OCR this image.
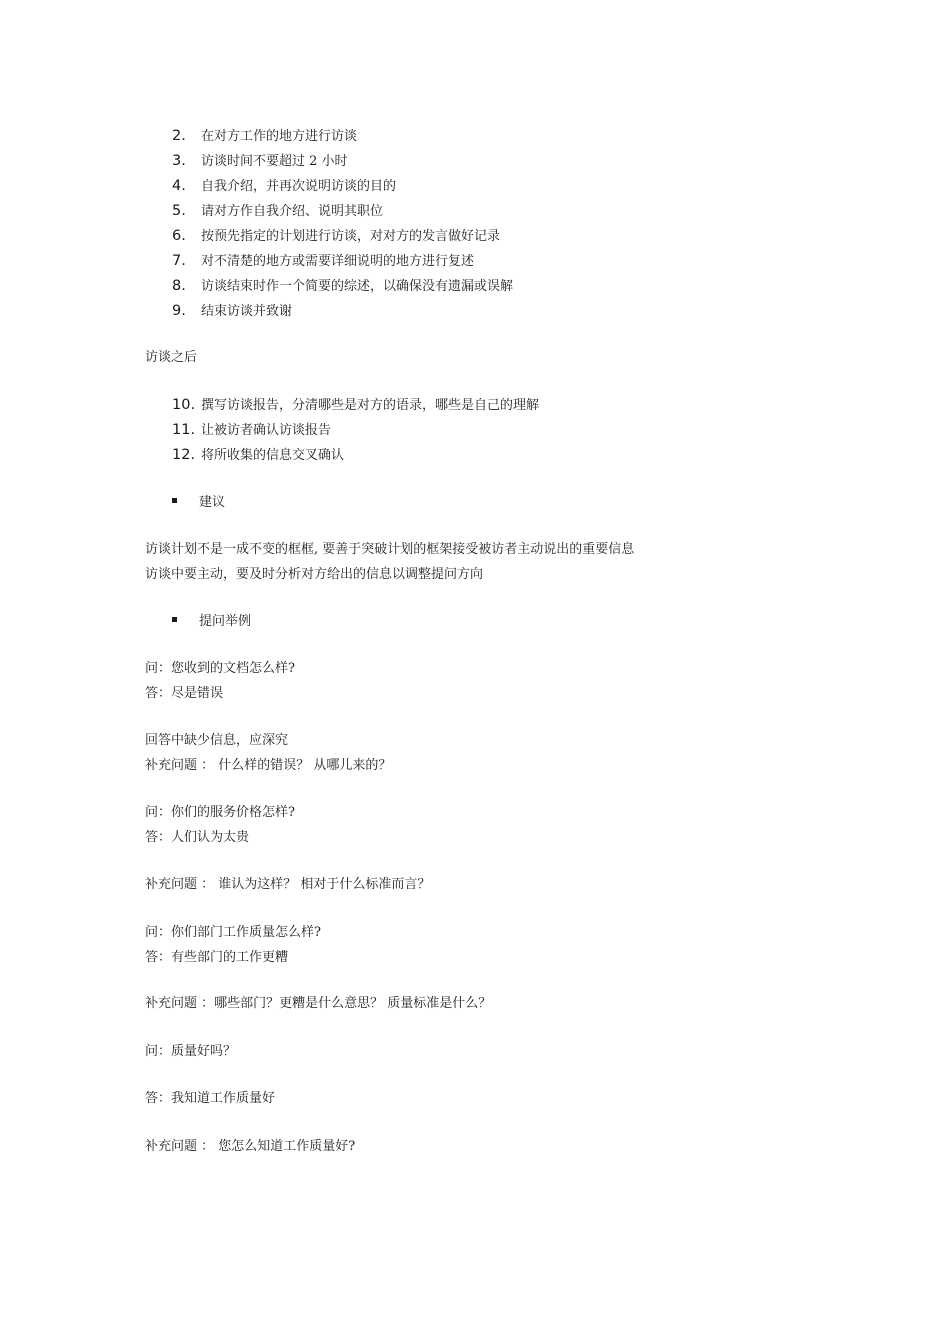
2. 在对方工作的地方进行访谈
3. 访谈时间不要超过 2 小时
4. 自我介绍，并再次说明访谈的目的
5. 请对方作自我介绍、说明其职位
6. 按预先指定的计划进行访谈，对对方的发言做好记录
7. 对不清楚的地方或需要详细说明的地方进行复述
8. 访谈结束时作一个简要的综述，以确保没有遗漏或误解
9. 结束访谈并致谢
访谈之后
10. 撰写访谈报告，分清哪些是对方的语录，哪些是自己的理解
11. 让被访者确认访谈报告
12. 将所收集的信息交叉确认
建议
访谈计划不是一成不变的框框, 要善于突破计划的框架接受被访者主动说出的重要信息
访谈中要主动，要及时分析对方给出的信息以调整提问方向
提问举例
问：您收到的文档怎么样?
答：尽是错误
回答中缺少信息，应深究
补充问题 ： 什么样的错误？ 从哪儿来的？
问：你们的服务价格怎样?
答：人们认为太贵
补充问题 ： 谁认为这样？ 相对于什么标准而言？
问：你们部门工作质量怎么样?
答：有些部门的工作更糟
补充问题 ：哪些部门？更糟是什么意思？ 质量标准是什么？
问：质量好吗？
答：我知道工作质量好
补充问题 ： 您怎么知道工作质量好?
